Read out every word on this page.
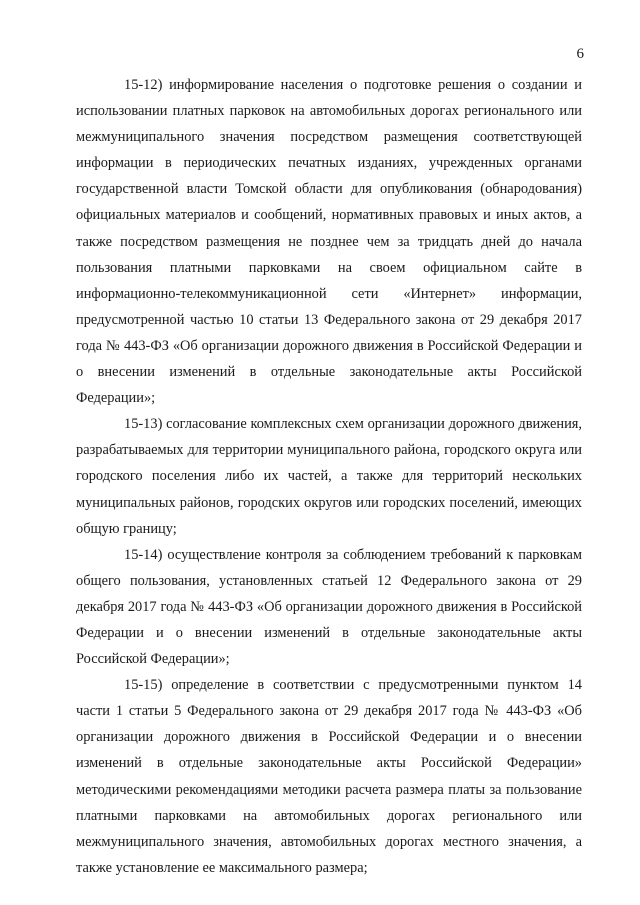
6

15-12) информирование населения о подготовке решения о создании и использовании платных парковок на автомобильных дорогах регионального или межмуниципального значения посредством размещения соответствующей информации в периодических печатных изданиях, учрежденных органами государственной власти Томской области для опубликования (обнародования) официальных материалов и сообщений, нормативных правовых и иных актов, а также посредством размещения не позднее чем за тридцать дней до начала пользования платными парковками на своем официальном сайте в информационно-телекоммуникационной сети «Интернет» информации, предусмотренной частью 10 статьи 13 Федерального закона от 29 декабря 2017 года № 443-ФЗ «Об организации дорожного движения в Российской Федерации и о внесении изменений в отдельные законодательные акты Российской Федерации»;

15-13) согласование комплексных схем организации дорожного движения, разрабатываемых для территории муниципального района, городского округа или городского поселения либо их частей, а также для территорий нескольких муниципальных районов, городских округов или городских поселений, имеющих общую границу;

15-14) осуществление контроля за соблюдением требований к парковкам общего пользования, установленных статьей 12 Федерального закона от 29 декабря 2017 года № 443-ФЗ «Об организации дорожного движения в Российской Федерации и о внесении изменений в отдельные законодательные акты Российской Федерации»;

15-15) определение в соответствии с предусмотренными пунктом 14 части 1 статьи 5 Федерального закона от 29 декабря 2017 года № 443-ФЗ «Об организации дорожного движения в Российской Федерации и о внесении изменений в отдельные законодательные акты Российской Федерации» методическими рекомендациями методики расчета размера платы за пользование платными парковками на автомобильных дорогах регионального или межмуниципального значения, автомобильных дорогах местного значения, а также установление ее максимального размера;
